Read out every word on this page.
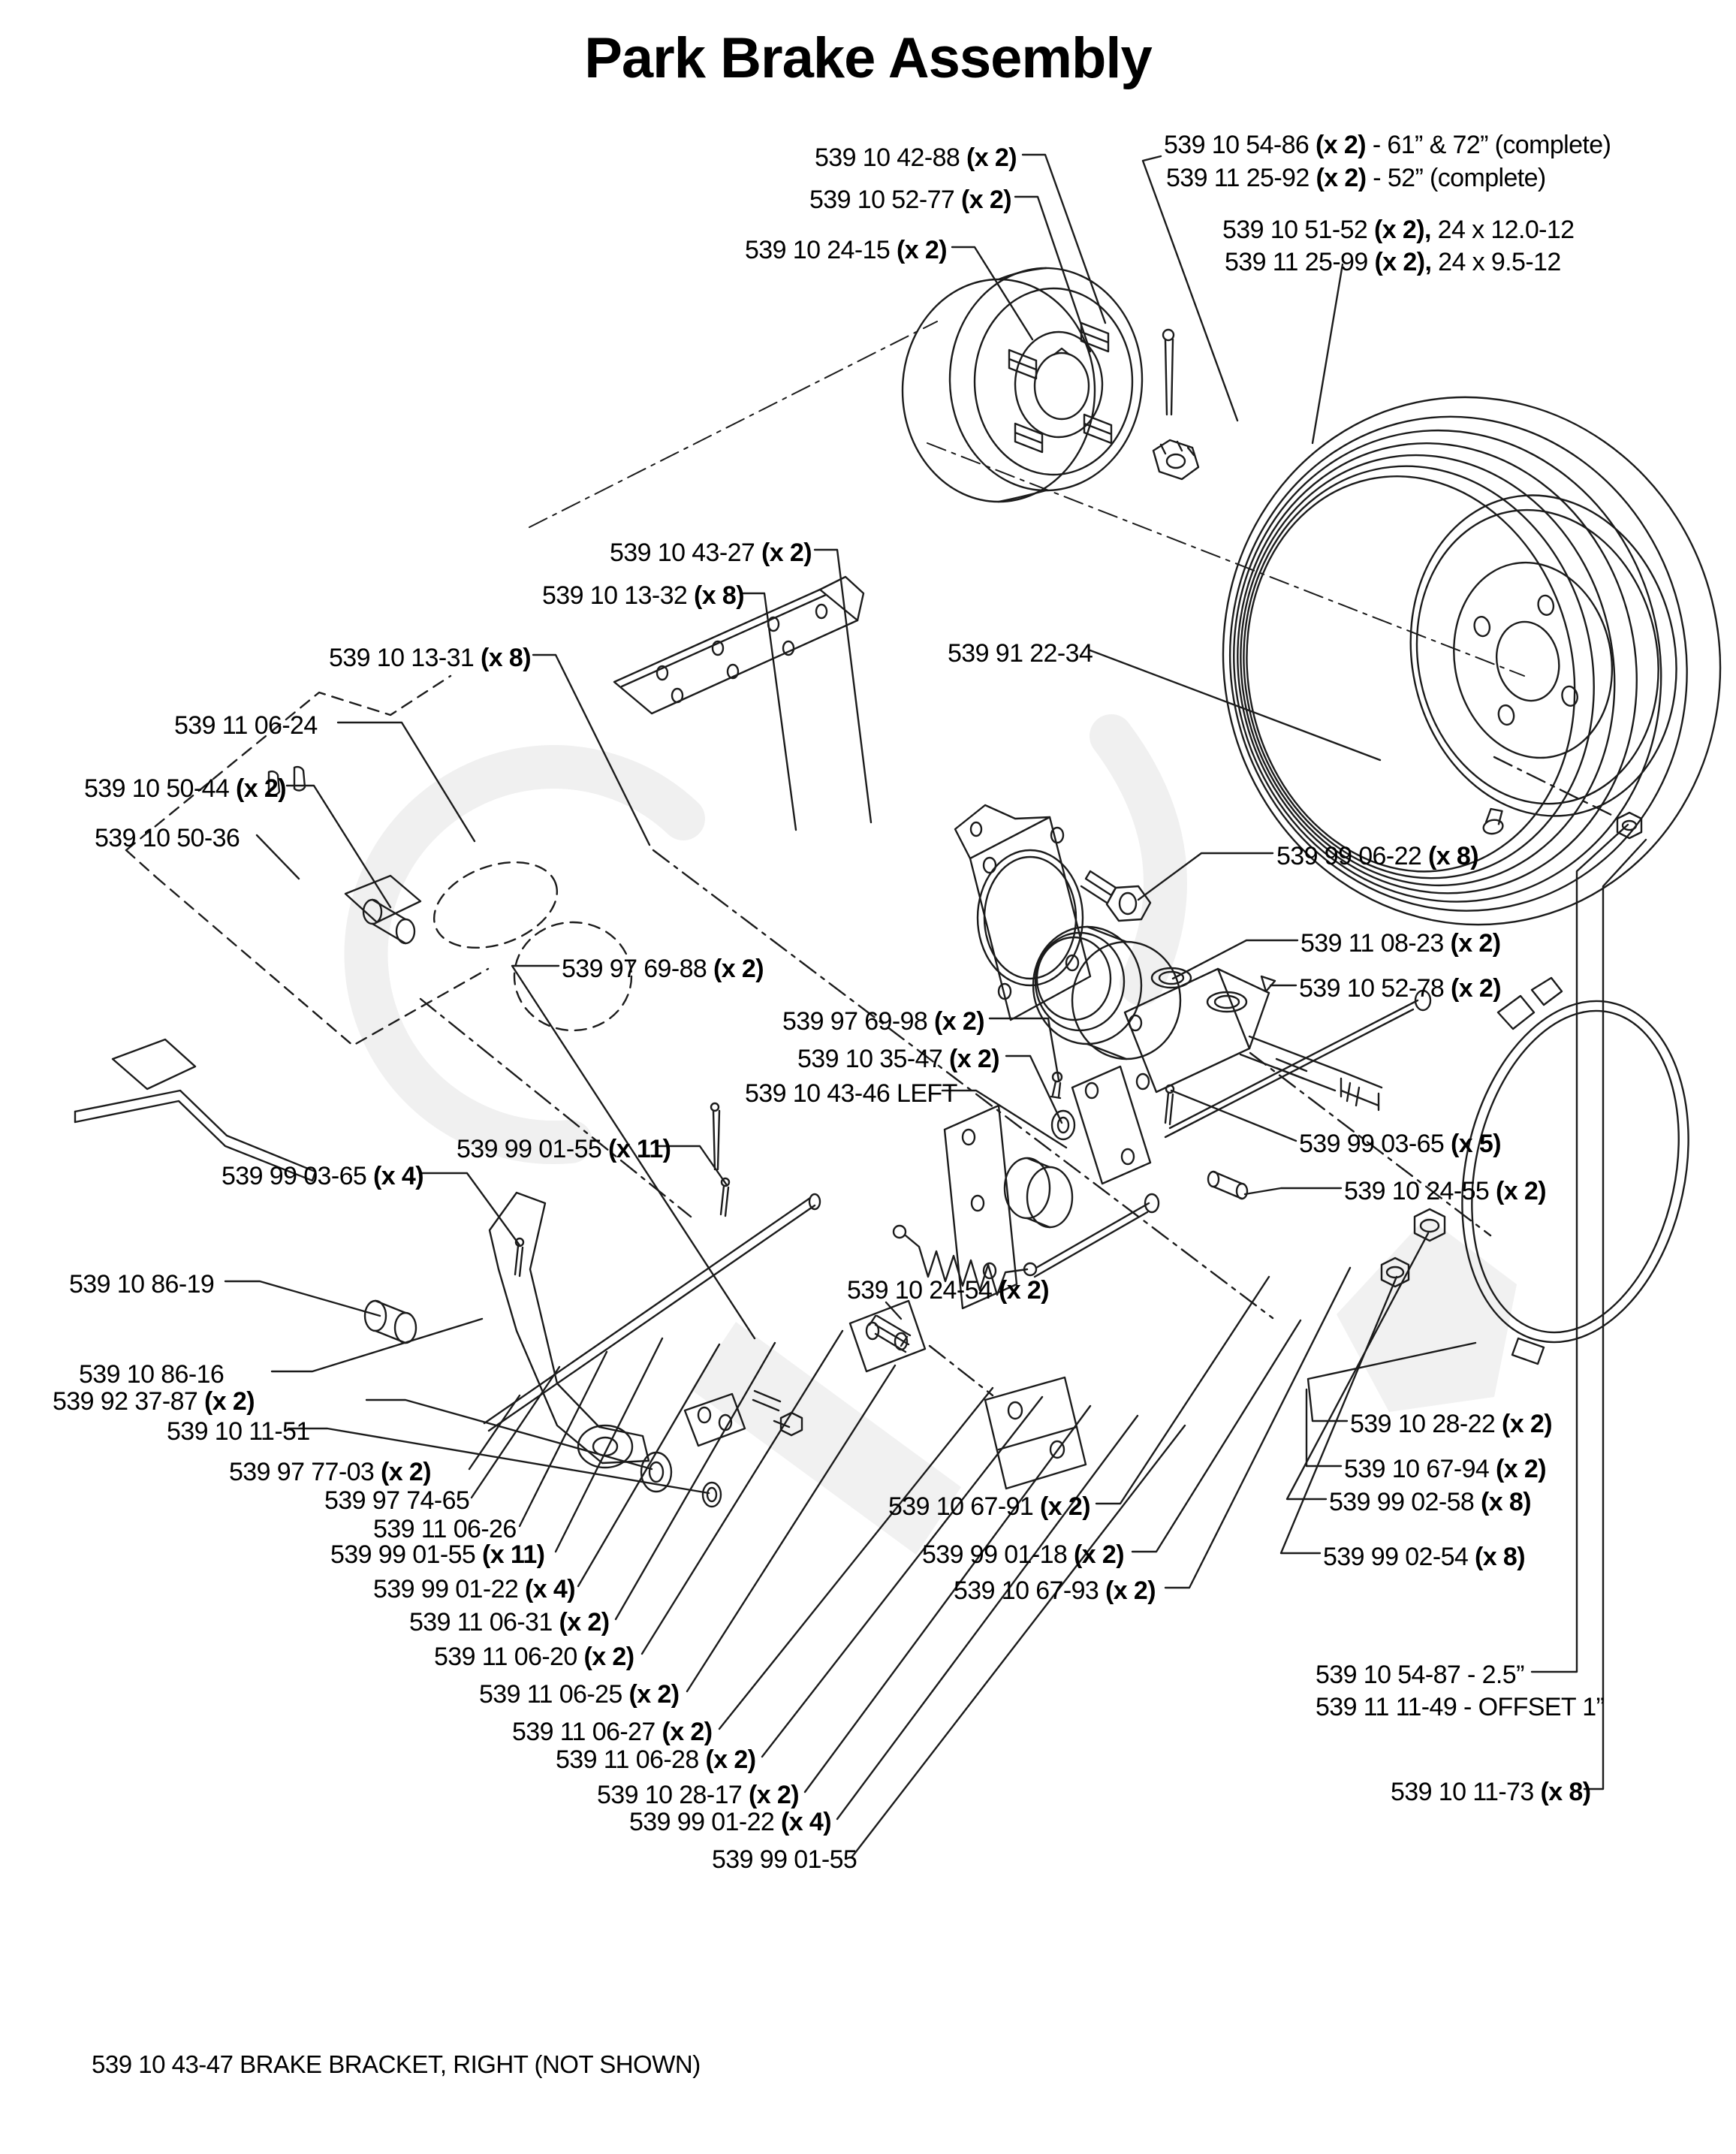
Park Brake Assembly
539 10 42-88 (x 2)
539 10 52-77 (x 2)
539 10 24-15 (x 2)
539 10 54-86 (x 2) - 61” & 72” (complete)
539 11 25-92 (x 2) - 52” (complete)
539 10 51-52 (x 2), 24 x 12.0-12
539 11 25-99 (x 2), 24 x 9.5-12
539 10 43-27 (x 2)
539 10 13-32 (x 8)
539 10 13-31 (x 8)	539 91 22-34
539 11 06-24
539 10 50-44 (x 2)
539 10 50-36
539 99 06-22 (x 8)
539 11 08-23 (x 2)
539 10 52-78 (x 2)
539 97 69-88 (x 2)
539 97 69-98 (x 2)
539 10 35-47 (x 2)
539 10 43-46 LEFT
539 99 03-65 (x 5)
539 10 24-55 (x 2)
539 99 01-55 (x 11)
539 99 03-65 (x 4)
539 10 86-19
539 10 86-16
539 92 37-87 (x 2)
539 10 11-51
539 97 77-03 (x 2)
539 97 74-65
539 11 06-26
539 99 01-55 (x 11)
539 99 01-22 (x 4)
539 11 06-31 (x 2)
539 11 06-20 (x 2)
539 11 06-25 (x 2)
539 11 06-27 (x 2)
539 11 06-28 (x 2)
539 10 28-17 (x 2)
539 99 01-22 (x 4)
539 99 01-55
539 10 24-54 (x 2)
539 10 67-91 (x 2)
539 99 01-18 (x 2)
539 10 67-93 (x 2)
539 10 28-22 (x 2)
539 10 67-94 (x 2)
539 99 02-58 (x 8)
539 99 02-54 (x 8)
539 10 54-87 - 2.5”
539 11 11-49 - OFFSET 1”
539 10 11-73 (x 8)
539 10 43-47 BRAKE BRACKET, RIGHT (NOT SHOWN)
